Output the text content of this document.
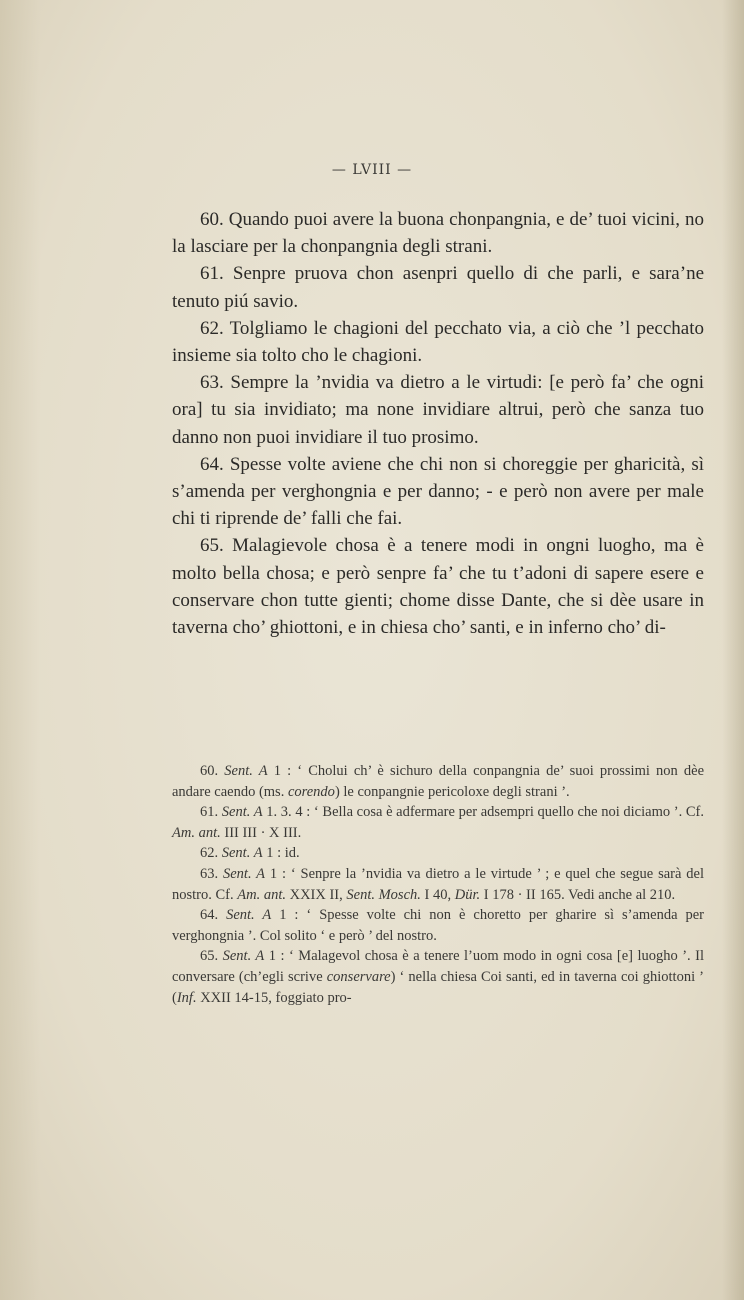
— LVIII —

60. Quando puoi avere la buona chonpangnia, e de’ tuoi vicini, no la lasciare per la chonpangnia degli strani.

61. Senpre pruova chon asenpri quello di che parli, e sara’ne tenuto piú savio.

62. Tolgliamo le chagioni del pecchato via, a ciò che ’l pecchato insieme sia tolto cho le chagioni.

63. Sempre la ’nvidia va dietro a le virtudi: [e però fa’ che ogni ora] tu sia invidiato; ma none invidiare altrui, però che sanza tuo danno non puoi invidiare il tuo prosimo.

64. Spesse volte aviene che chi non si choreggie per gharicità, sì s’amenda per verghongnia e per danno; - e però non avere per male chi ti riprende de’ falli che fai.

65. Malagievole chosa è a tenere modi in ongni luogho, ma è molto bella chosa; e però senpre fa’ che tu t’adoni di sapere esere e conservare chon tutte gienti; chome disse Dante, che si dèe usare in taverna cho’ ghiottoni, e in chiesa cho’ santi, e in inferno cho’ di-

60. Sent. A 1 : ‘ Cholui ch’ è sichuro della conpangnia de’ suoi prossimi non dèe andare caendo (ms. corendo) le conpangnie pericoloxe degli strani ’.

61. Sent. A 1. 3. 4 : ‘ Bella cosa è adfermare per adsempri quello che noi diciamo ’. Cf. Am. ant. III III · X III.

62. Sent. A 1 : id.

63. Sent. A 1 : ‘ Senpre la ’nvidia va dietro a le virtude ’ ; e quel che segue sarà del nostro. Cf. Am. ant. XXIX II, Sent. Mosch. I 40, Dür. I 178 · II 165. Vedi anche al 210.

64. Sent. A 1 : ‘ Spesse volte chi non è choretto per gharire sì s’amenda per verghongnia ’. Col solito ‘ e però ’ del nostro.

65. Sent. A 1 : ‘ Malagevol chosa è a tenere l’uom modo in ogni cosa [e] luogho ’. Il conversare (ch’egli scrive conservare) ‘ nella chiesa Coi santi, ed in taverna coi ghiottoni ’ (Inf. XXII 14-15, foggiato pro-
